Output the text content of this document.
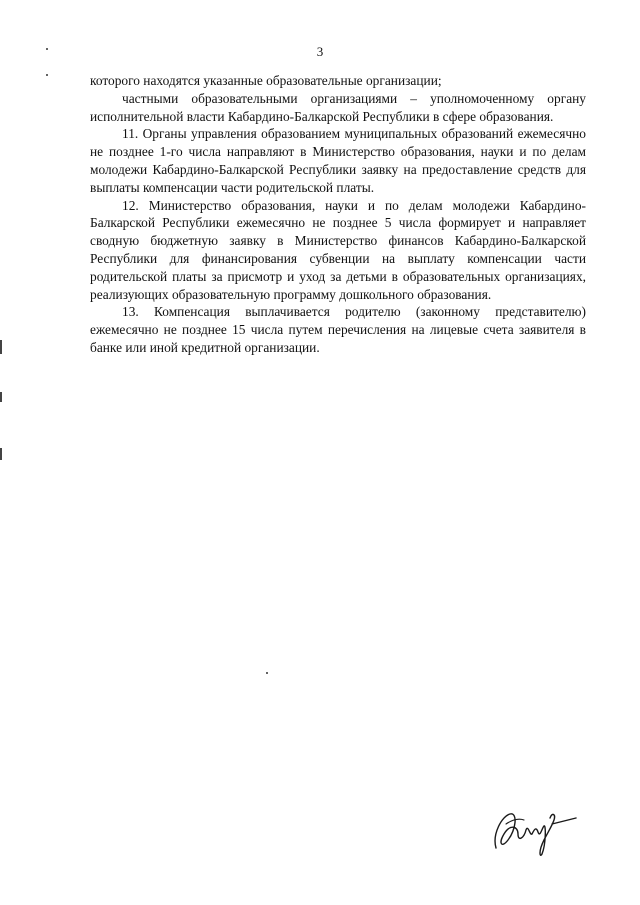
3

которого находятся указанные образовательные организации;

частными образовательными организациями – уполномоченному органу исполнительной власти Кабардино-Балкарской Республики в сфере образования.

11. Органы управления образованием муниципальных образований ежемесячно не позднее 1-го числа направляют в Министерство образования, науки и по делам молодежи Кабардино-Балкарской Республики заявку на предоставление средств для выплаты компенсации части родительской платы.

12. Министерство образования, науки и по делам молодежи Кабардино-Балкарской Республики ежемесячно не позднее 5 числа формирует и направляет сводную бюджетную заявку в Министерство финансов Кабардино-Балкарской Республики для финансирования субвенции на выплату компенсации части родительской платы за присмотр и уход за детьми в образовательных организациях, реализующих образовательную программу дошкольного образования.

13. Компенсация выплачивается родителю (законному представителю) ежемесячно не позднее 15 числа путем перечисления на лицевые счета заявителя в банке или иной кредитной организации.
